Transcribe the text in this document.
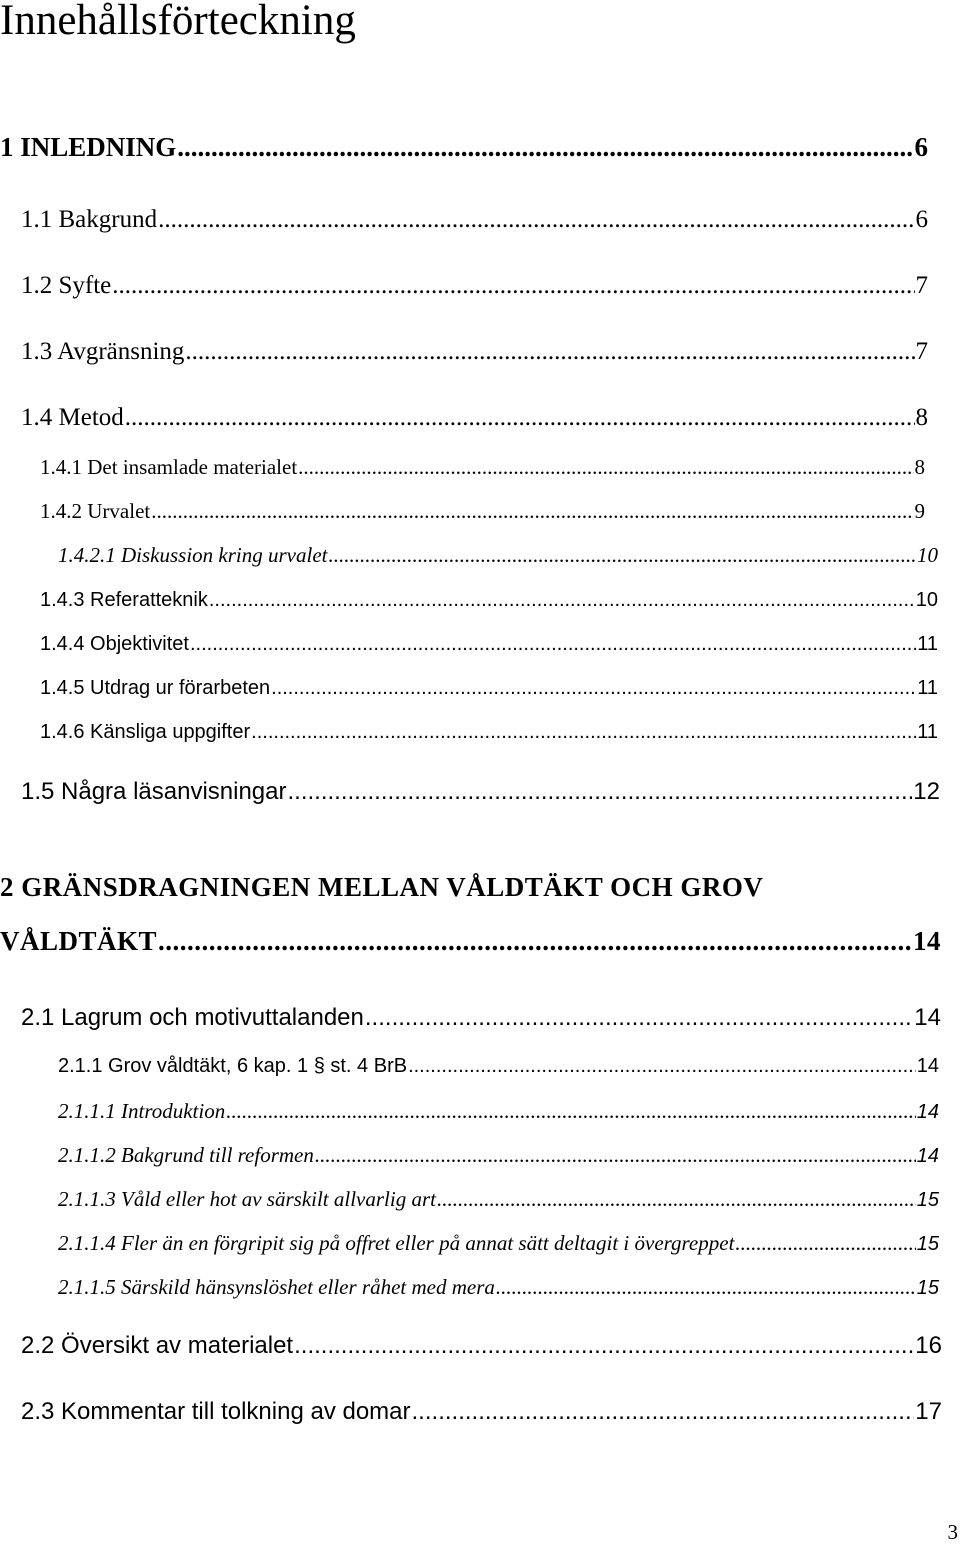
Innehållsförteckning
1 INLEDNING .....	6
1.1 Bakgrund .....	6
1.2 Syfte .....	7
1.3 Avgränsning .....	7
1.4 Metod .....	8
1.4.1 Det insamlade materialet .....	8
1.4.2 Urvalet .....	9
1.4.2.1 Diskussion kring urvalet .....	10
1.4.3 Referatteknik .....	10
1.4.4 Objektivitet .....	11
1.4.5 Utdrag ur förarbeten .....	11
1.4.6 Känsliga uppgifter .....	11
1.5 Några läsanvisningar .....	12
2 GRÄNSDRAGNINGEN MELLAN VÅLDTÄKT OCH GROV
VÅLDTÄKT .....	14
2.1 Lagrum och motivuttalanden .....	14
2.1.1 Grov våldtäkt, 6 kap. 1 § st. 4 BrB .....	14
2.1.1.1 Introduktion .....	14
2.1.1.2 Bakgrund till reformen .....	14
2.1.1.3 Våld eller hot av särskilt allvarlig art .....	15
2.1.1.4 Fler än en förgripit sig på offret eller på annat sätt deltagit i övergreppet .....	15
2.1.1.5 Särskild hänsynslöshet eller råhet med mera .....	15
2.2 Översikt av materialet .....	16
2.3 Kommentar till tolkning av domar .....	17
3
